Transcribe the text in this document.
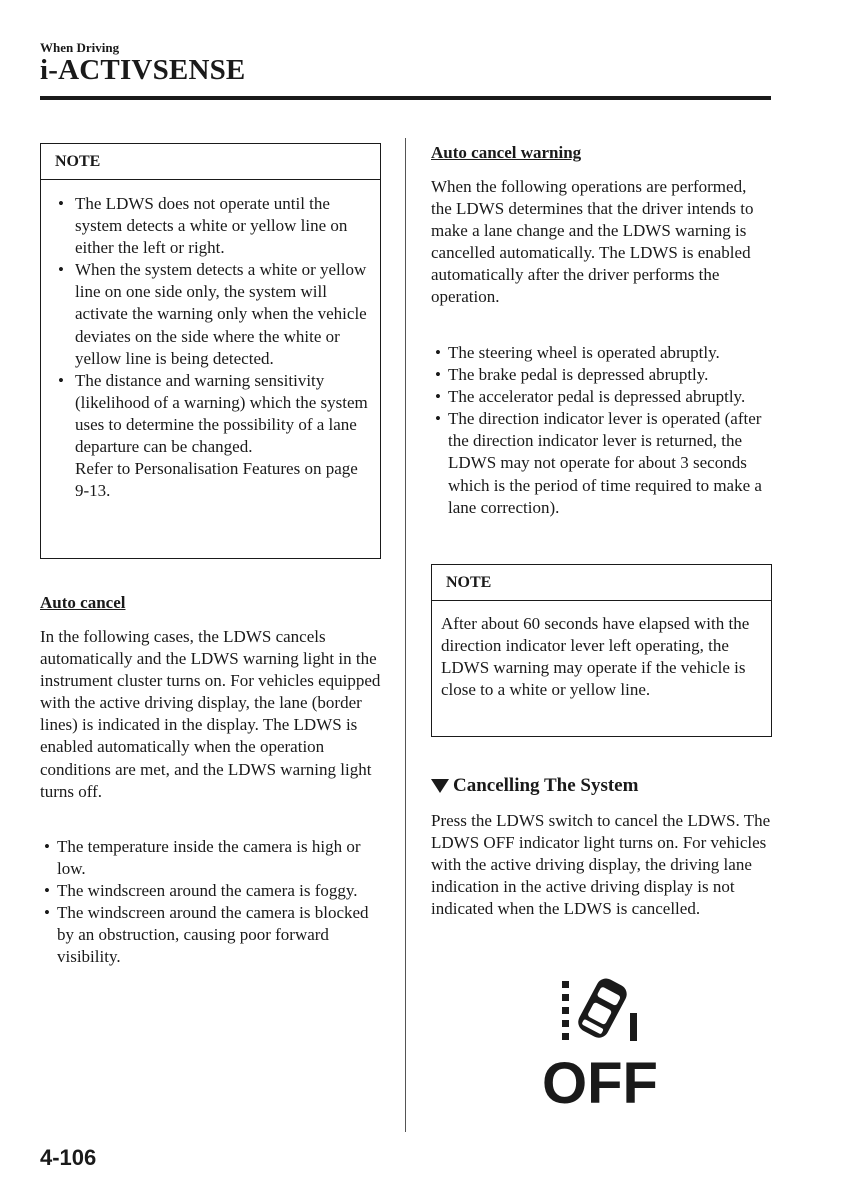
When Driving
i-ACTIVSENSE
NOTE
• The LDWS does not operate until the system detects a white or yellow line on either the left or right.
• When the system detects a white or yellow line on one side only, the system will activate the warning only when the vehicle deviates on the side where the white or yellow line is being detected.
• The distance and warning sensitivity (likelihood of a warning) which the system uses to determine the possibility of a lane departure can be changed.
Refer to Personalisation Features on page 9-13.
Auto cancel
In the following cases, the LDWS cancels automatically and the LDWS warning light in the instrument cluster turns on. For vehicles equipped with the active driving display, the lane (border lines) is indicated in the display. The LDWS is enabled automatically when the operation conditions are met, and the LDWS warning light turns off.
• The temperature inside the camera is high or low.
• The windscreen around the camera is foggy.
• The windscreen around the camera is blocked by an obstruction, causing poor forward visibility.
Auto cancel warning
When the following operations are performed, the LDWS determines that the driver intends to make a lane change and the LDWS warning is cancelled automatically. The LDWS is enabled automatically after the driver performs the operation.
• The steering wheel is operated abruptly.
• The brake pedal is depressed abruptly.
• The accelerator pedal is depressed abruptly.
• The direction indicator lever is operated (after the direction indicator lever is returned, the LDWS may not operate for about 3 seconds which is the period of time required to make a lane correction).
NOTE
After about 60 seconds have elapsed with the direction indicator lever left operating, the LDWS warning may operate if the vehicle is close to a white or yellow line.
Cancelling The System
Press the LDWS switch to cancel the LDWS. The LDWS OFF indicator light turns on. For vehicles with the active driving display, the driving lane indication in the active driving display is not indicated when the LDWS is cancelled.
OFF
4-106
